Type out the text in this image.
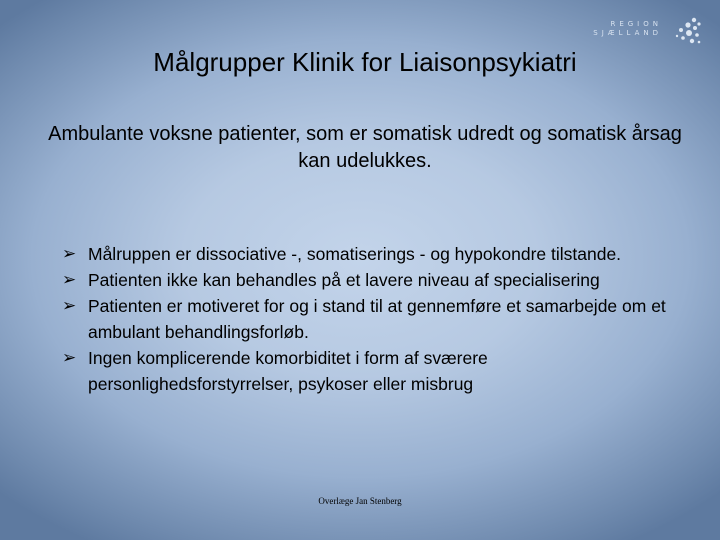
REGION
SJÆLLAND
Målgrupper Klinik for Liaisonpsykiatri
Ambulante voksne patienter, som er somatisk udredt og somatisk årsag kan udelukkes.
➢ Målruppen er dissociative -, somatiserings - og hypokondre tilstande.
➢ Patienten ikke kan behandles på et lavere niveau af specialisering
➢ Patienten er motiveret for og i stand til at gennemføre et samarbejde om et ambulant behandlingsforløb.
➢ Ingen komplicerende komorbiditet i form af sværere personlighedsforstyrrelser, psykoser eller misbrug
Overlæge Jan Stenberg
